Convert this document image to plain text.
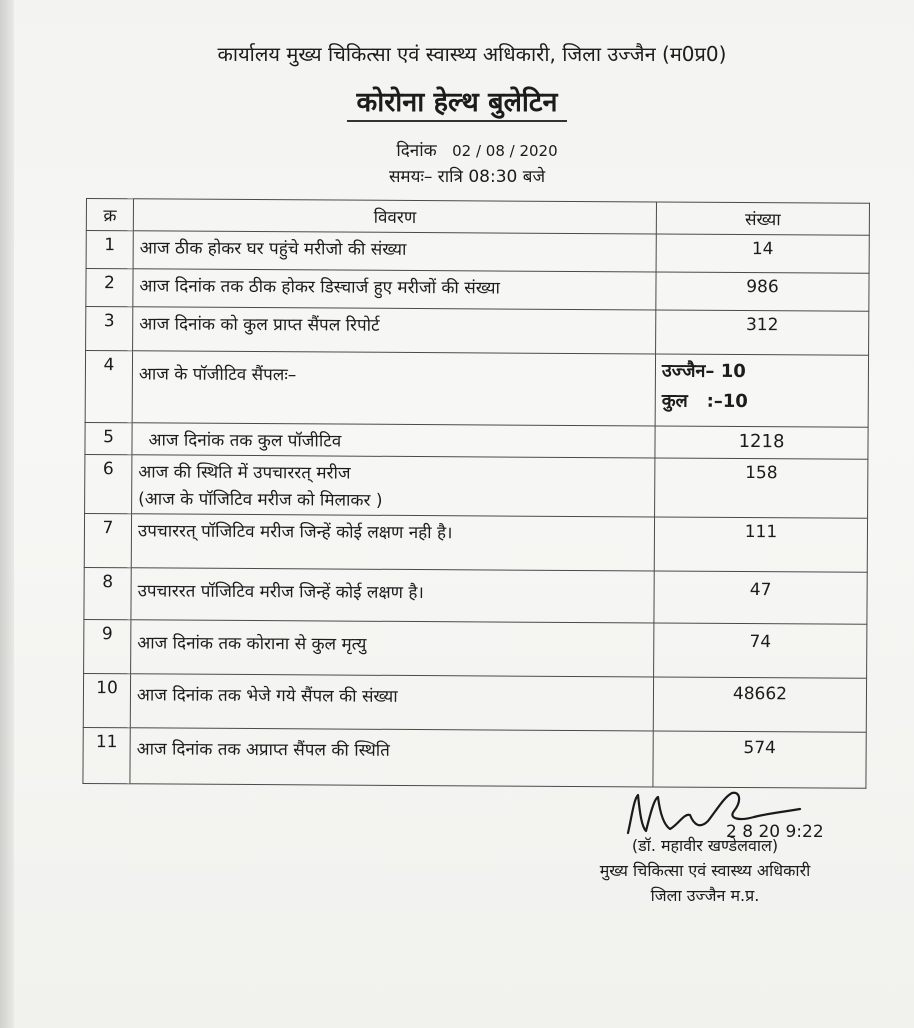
कार्यालय मुख्य चिकित्सा एवं स्वास्थ्य अधिकारी, जिला उज्जैन (म0प्र0)
कोरोना हेल्थ बुलेटिन
दिनांक 02 / 08 / 2020
समयः– रात्रि 08:30 बजे
क्र	विवरण	संख्या
1	आज ठीक होकर घर पहुंचे मरीजो की संख्या	14
2	आज दिनांक तक ठीक होकर डिस्चार्ज हुए मरीजों की संख्या	986
3	आज दिनांक को कुल प्राप्त सैंपल रिपोर्ट	312
4	आज के पॉजीटिव सैंपलः–	उज्जैन– 10
कुल   :–10

5	आज दिनांक तक कुल पॉजीटिव	1218
6	आज की स्थिति में उपचाररत् मरीज
(आज के पॉजिटिव मरीज को मिलाकर )	158
7	उपचाररत् पॉजिटिव मरीज जिन्हें कोई लक्षण नही है।	111
8	उपचाररत पॉजिटिव मरीज जिन्हें कोई लक्षण है।	47
9	आज दिनांक तक कोराना से कुल मृत्यु	74
10	आज दिनांक तक भेजे गये सैंपल की संख्या	48662
11	आज दिनांक तक अप्राप्त सैंपल की स्थिति	574
2 8 20 9:22
(डॉ. महावीर खण्डेलवाल)
मुख्य चिकित्सा एवं स्वास्थ्य अधिकारी
जिला उज्जैन म.प्र.
